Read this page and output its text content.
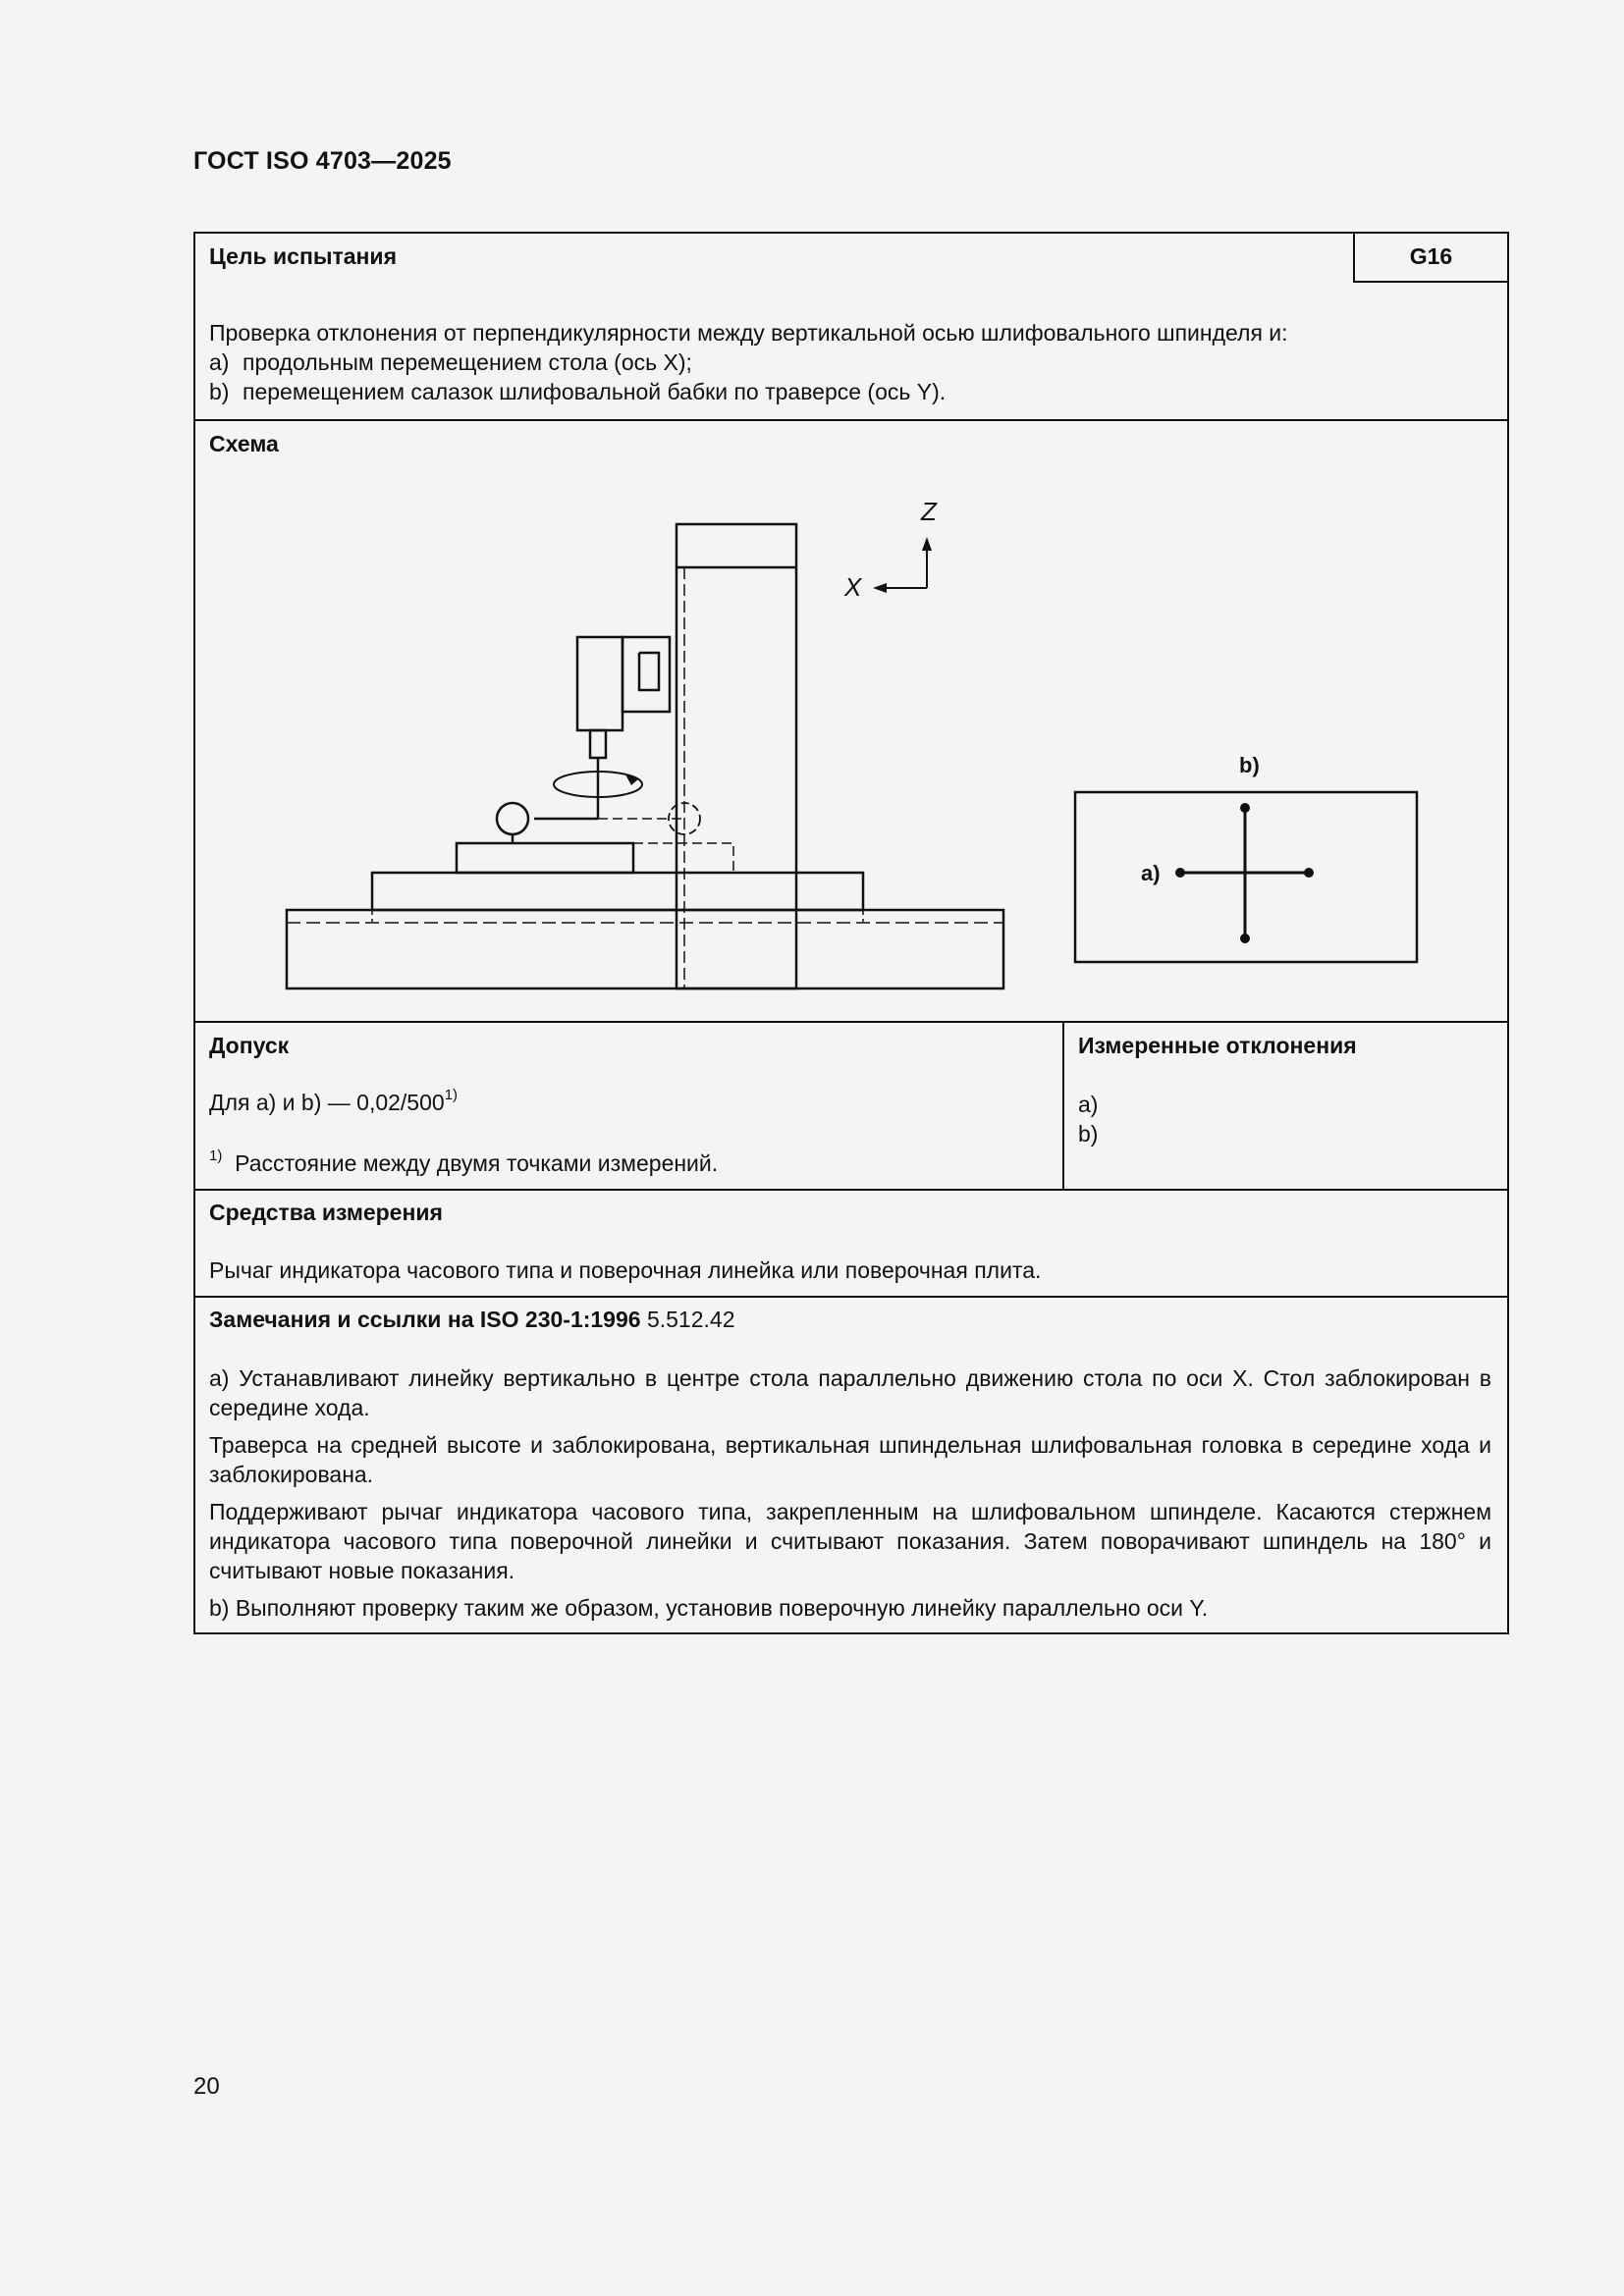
ГОСТ ISO 4703—2025
G16
Цель испытания
Проверка отклонения от перпендикулярности между вертикальной осью шлифовального шпинделя и:
a) продольным перемещением стола (ось X);
b) перемещением салазок шлифовальной бабки по траверсе (ось Y).
Схема
Z
X
b)
a)
Допуск
Для a) и b) — 0,02/500$^{1)}$
$^{1)}$ Расстояние между двумя точками измерений.
Измеренные отклонения
a)
b)
Средства измерения
Рычаг индикатора часового типа и поверочная линейка или поверочная плита.
Замечания и ссылки на ISO 230-1:1996 5.512.42

a) Устанавливают линейку вертикально в центре стола параллельно движению стола по оси X. Стол заблокирован в середине хода.

Траверса на средней высоте и заблокирована, вертикальная шпиндельная шлифовальная головка в середине хода и заблокирована.

Поддерживают рычаг индикатора часового типа, закрепленным на шлифовальном шпинделе. Касаются стержнем индикатора часового типа поверочной линейки и считывают показания. Затем поворачивают шпиндель на 180° и считывают новые показания.

b) Выполняют проверку таким же образом, установив поверочную линейку параллельно оси Y.

20
